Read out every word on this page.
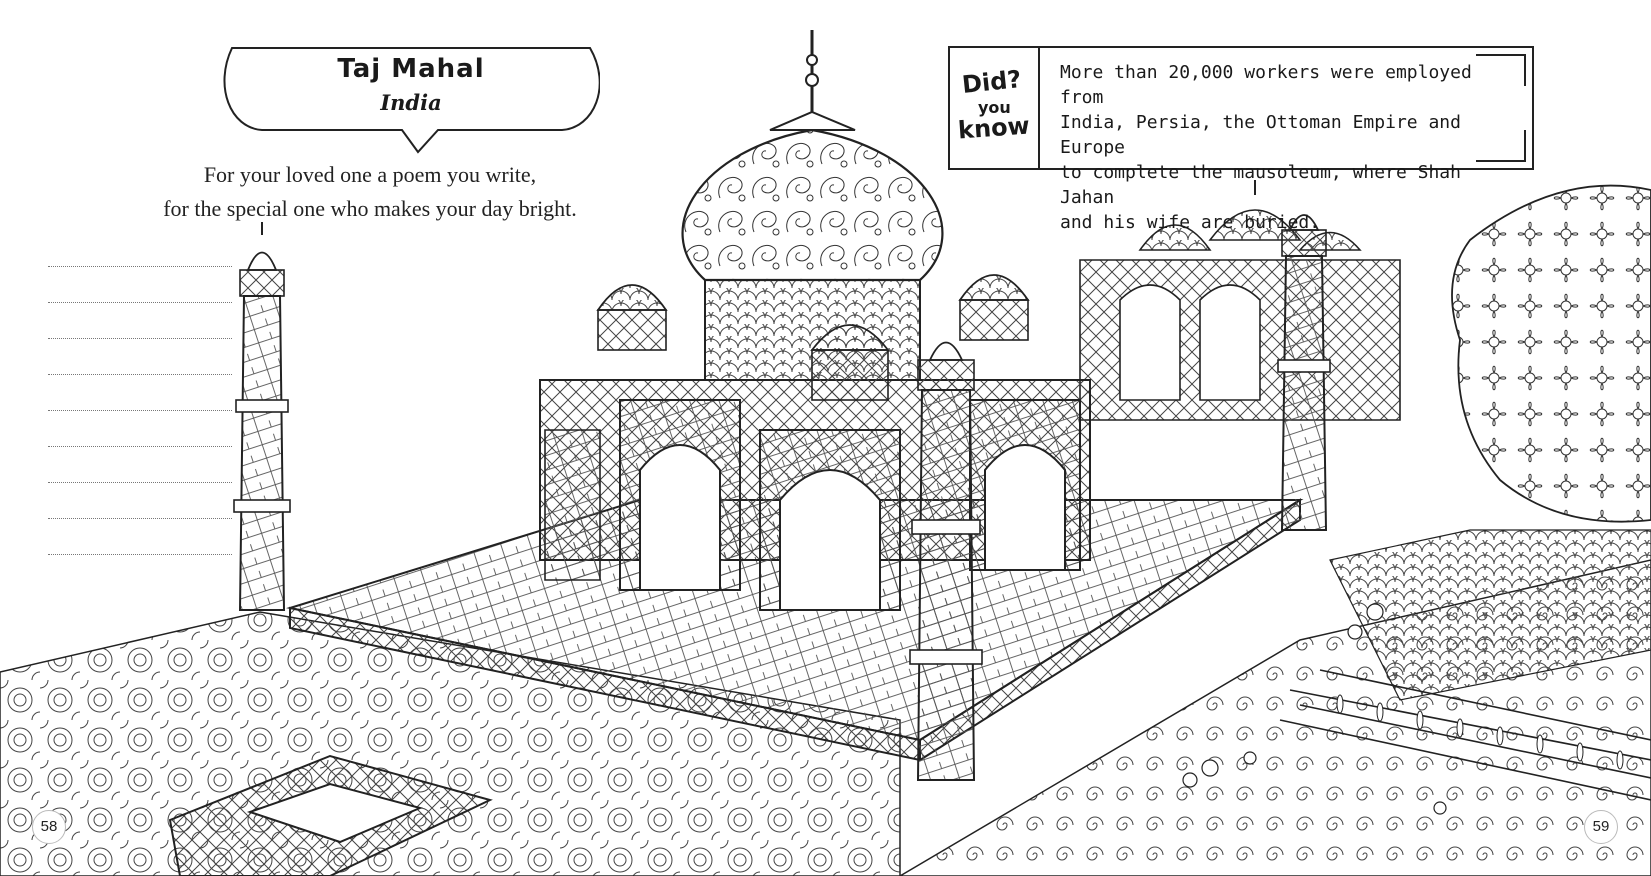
Taj Mahal
India
For your loved one a poem you write,
for the special one who makes your day bright.
Did?
you
know
More than 20,000 workers were employed from
India, Persia, the Ottoman Empire and Europe
to complete the mausoleum, where Shah Jahan
and his wife are buried.
58	59
